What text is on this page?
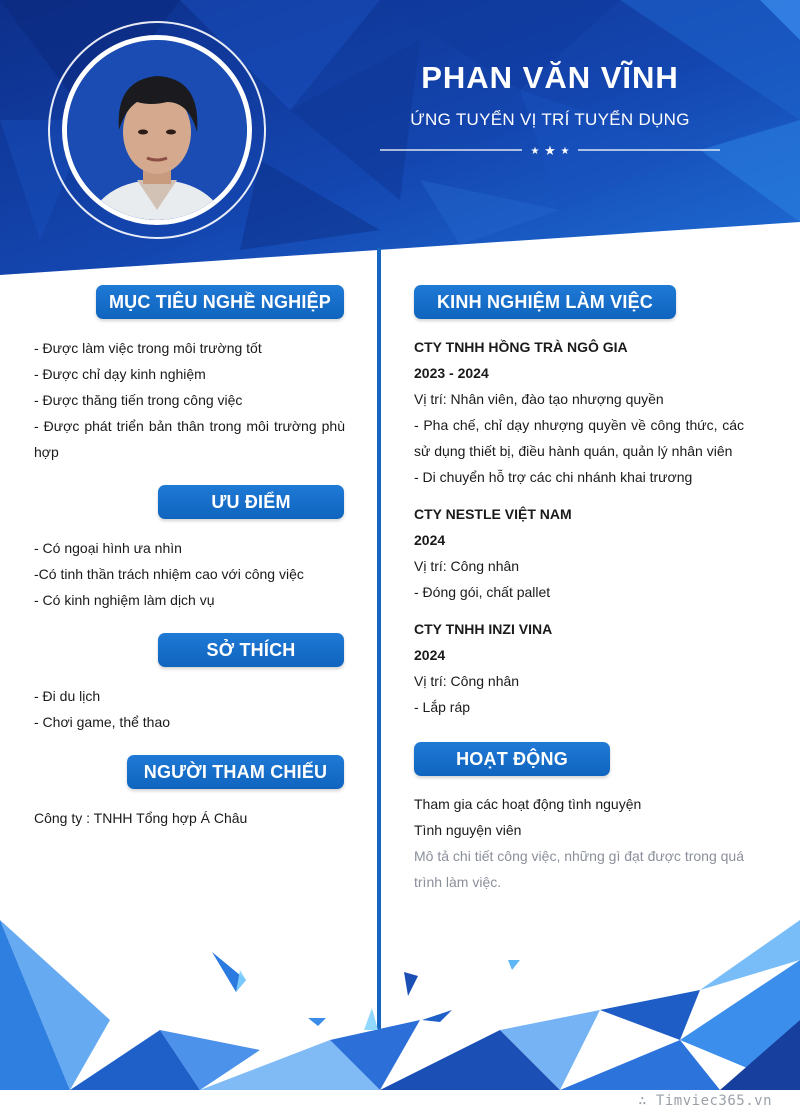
PHAN VĂN VĨNH
ỨNG TUYỂN VỊ TRÍ TUYỂN DỤNG
★ ★ ★
MỤC TIÊU NGHỀ NGHIỆP
- Được làm việc trong môi trường tốt
- Được chỉ dạy kinh nghiệm
- Được thăng tiến trong công việc
- Được phát triển bản thân trong môi trường phù hợp
ƯU ĐIỂM
- Có ngoại hình ưa nhìn
-Có tinh thần trách nhiệm cao với công việc
- Có kinh nghiệm làm dịch vụ
SỞ THÍCH
- Đi du lịch
- Chơi game, thể thao
NGƯỜI THAM CHIẾU
Công ty : TNHH Tổng hợp Á Châu
KINH NGHIỆM LÀM VIỆC
CTY TNHH HỒNG TRÀ NGÔ GIA
2023 - 2024
Vị trí: Nhân viên, đào tạo nhượng quyền
- Pha chế, chỉ dạy nhượng quyền về công thức, các sử dụng thiết bị, điều hành quán, quản lý nhân viên
- Di chuyển hỗ trợ các chi nhánh khai trương
CTY NESTLE VIỆT NAM
2024
Vị trí: Công nhân
- Đóng gói, chất pallet
CTY TNHH INZI VINA
2024
Vị trí: Công nhân
- Lắp ráp
HOẠT ĐỘNG
Tham gia các hoạt động tình nguyện
Tình nguyện viên
Mô tả chi tiết công việc, những gì đạt được trong quá trình làm việc.
∴ Timviec365.vn
